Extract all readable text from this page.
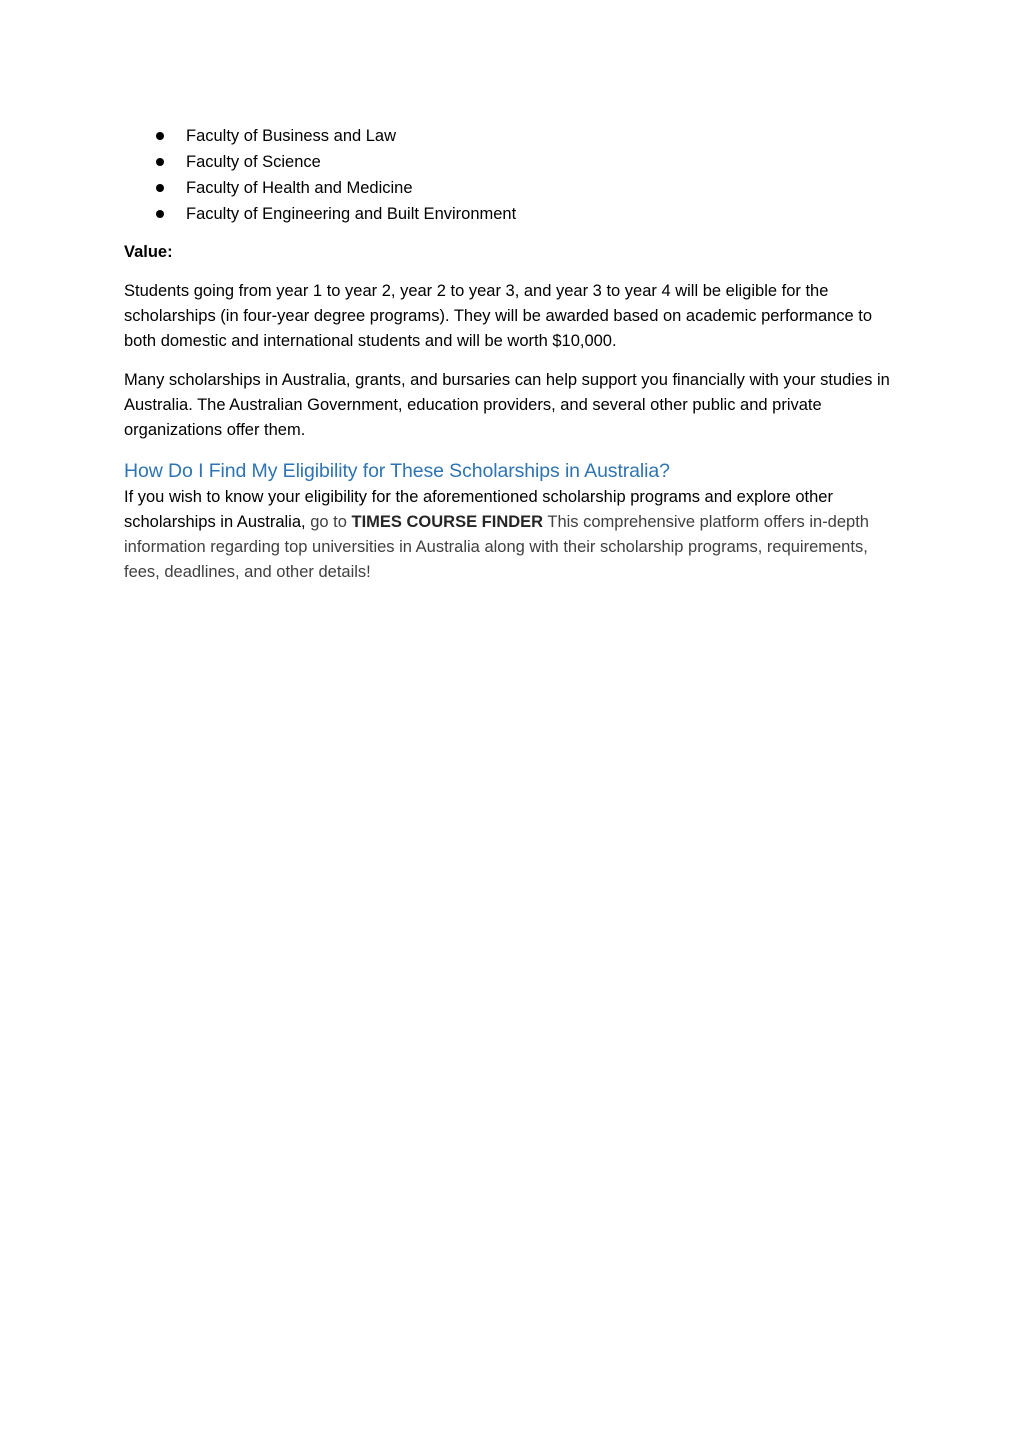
Faculty of Business and Law
Faculty of Science
Faculty of Health and Medicine
Faculty of Engineering and Built Environment
Value:

Students going from year 1 to year 2, year 2 to year 3, and year 3 to year 4 will be eligible for the scholarships (in four-year degree programs). They will be awarded based on academic performance to both domestic and international students and will be worth $10,000.

Many scholarships in Australia, grants, and bursaries can help support you financially with your studies in Australia. The Australian Government, education providers, and several other public and private organizations offer them.

How Do I Find My Eligibility for These Scholarships in Australia?

If you wish to know your eligibility for the aforementioned scholarship programs and explore other scholarships in Australia, go to TIMES COURSE FINDER This comprehensive platform offers in-depth information regarding top universities in Australia along with their scholarship programs, requirements, fees, deadlines, and other details!
